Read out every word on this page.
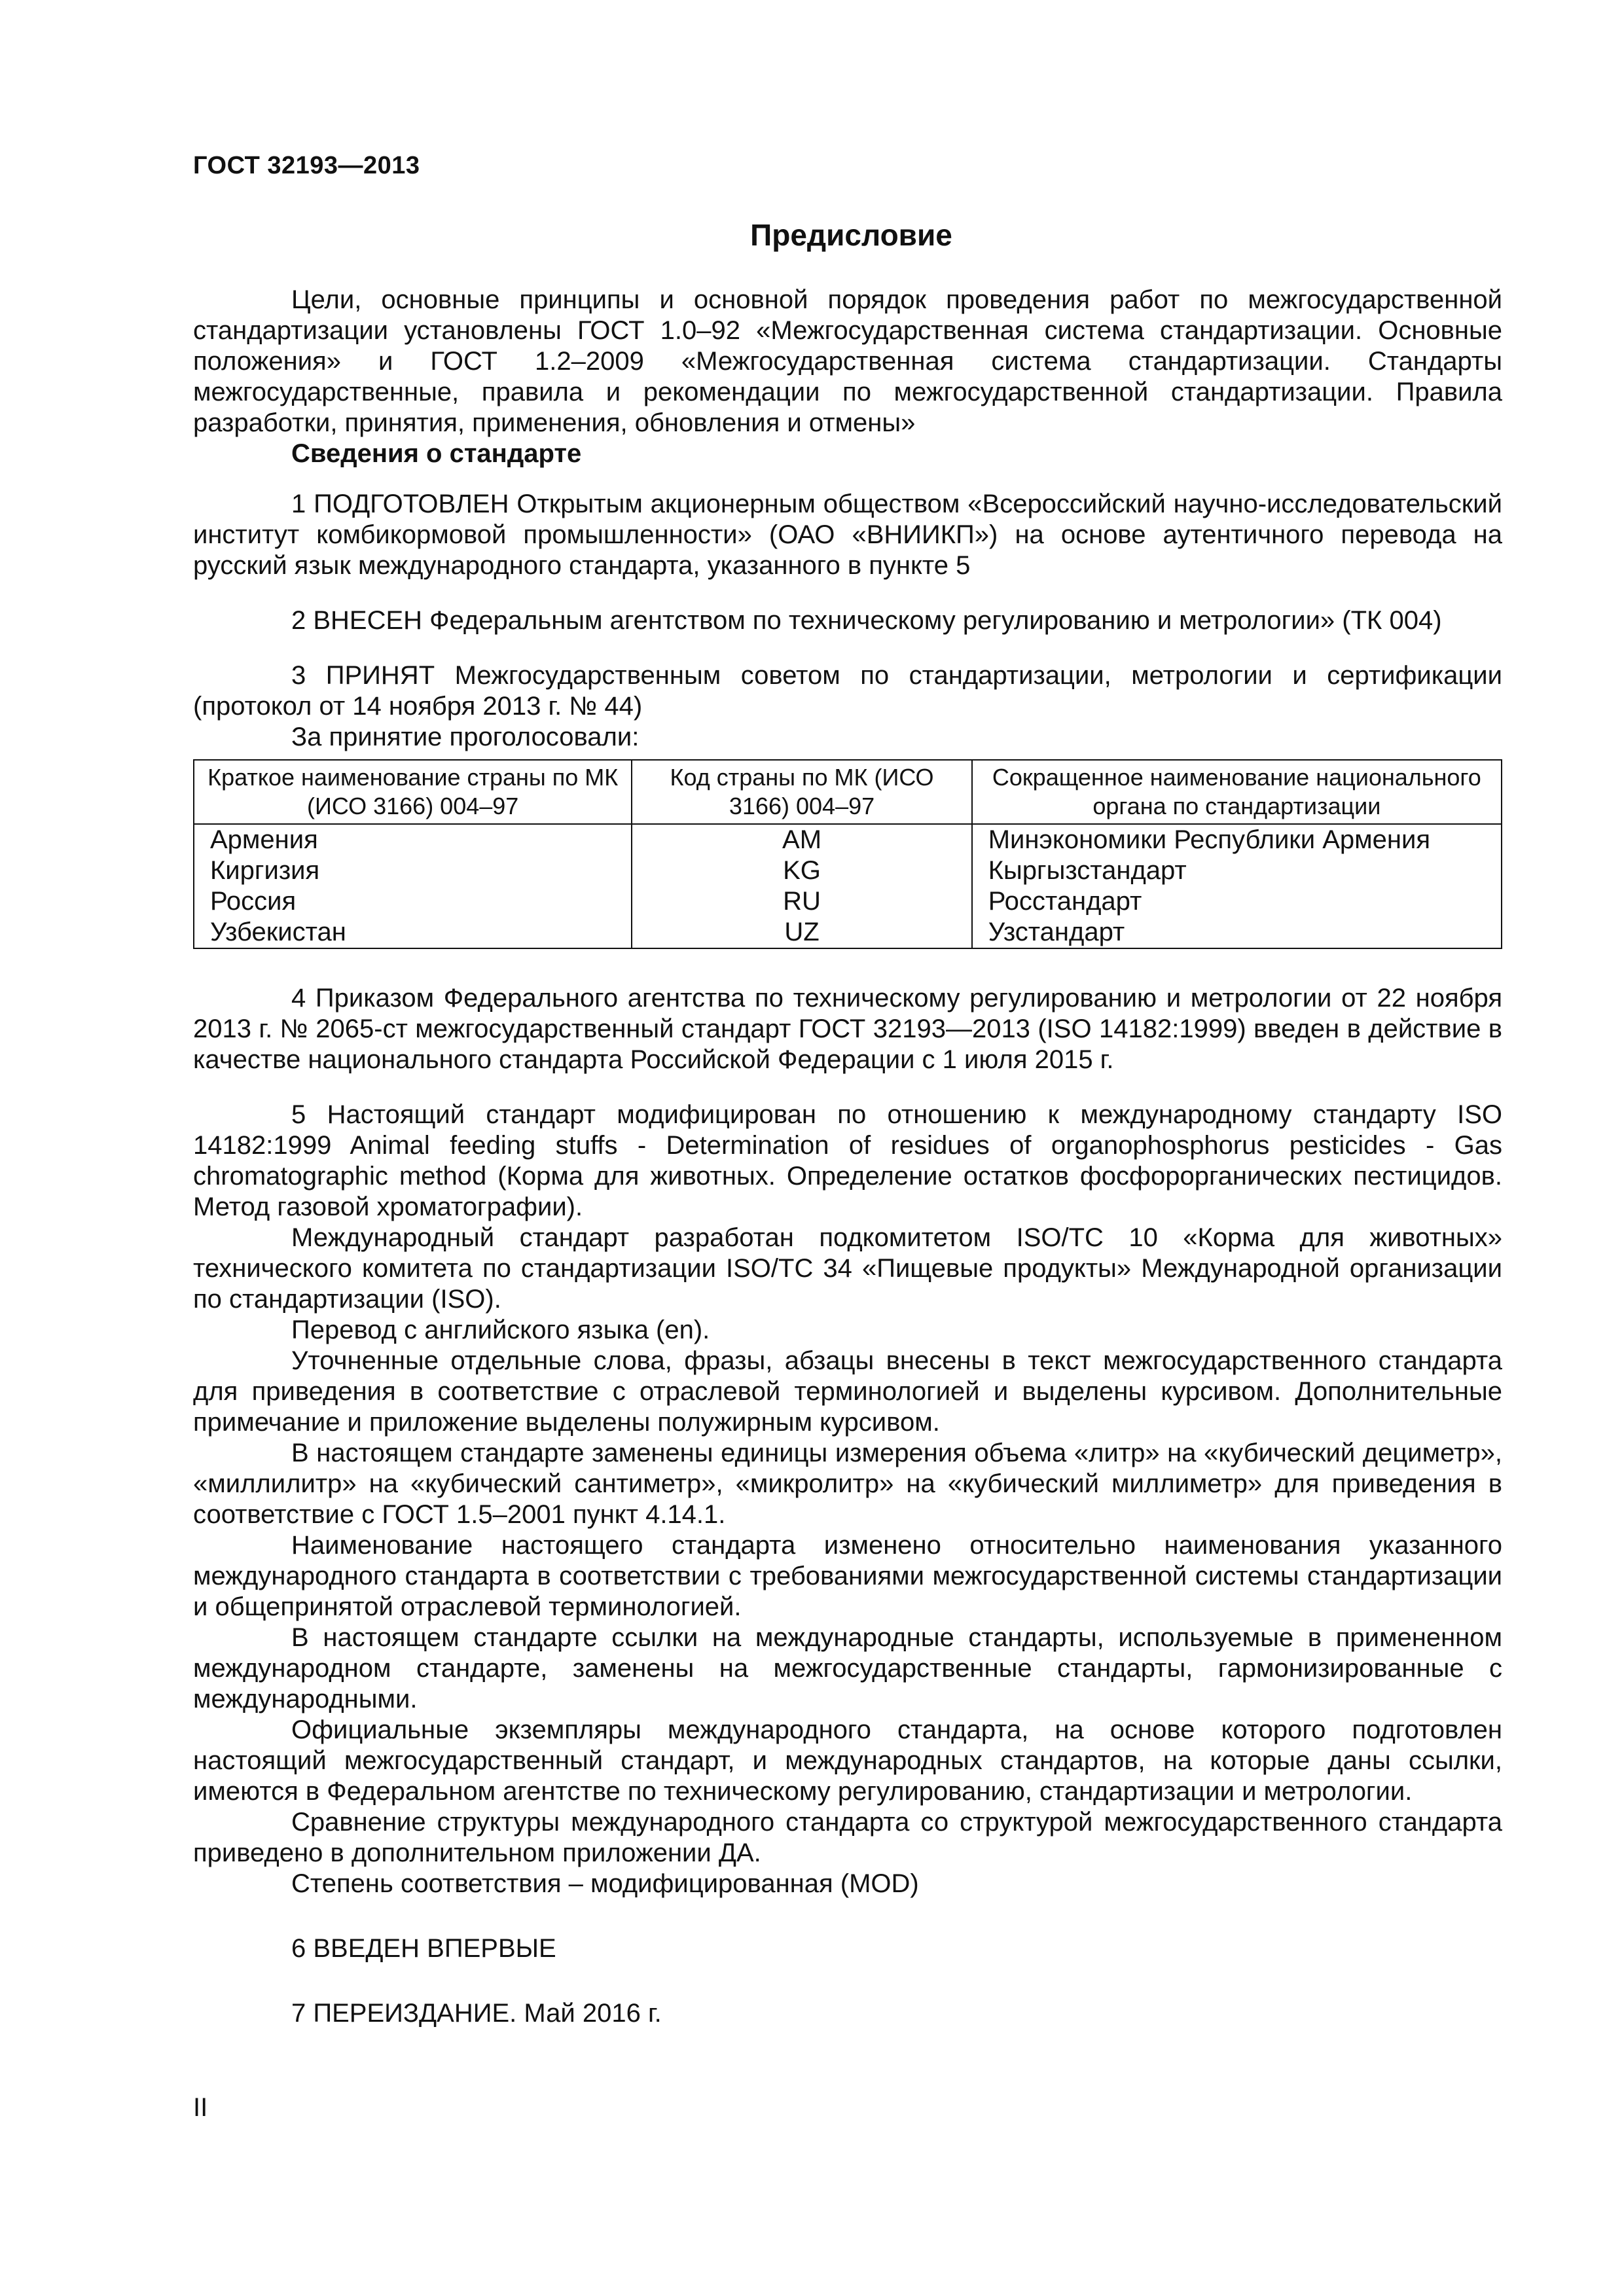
ГОСТ 32193—2013
Предисловие

Цели, основные принципы и основной порядок проведения работ по межгосударственной стандартизации установлены ГОСТ 1.0–92 «Межгосударственная система стандартизации. Основные положения» и ГОСТ 1.2–2009 «Межгосударственная система стандартизации. Стандарты межгосударственные, правила и рекомендации по межгосударственной стандартизации. Правила разработки, принятия, применения, обновления и отмены»

Сведения о стандарте

1 ПОДГОТОВЛЕН Открытым акционерным обществом «Всероссийский научно-исследовательский институт комбикормовой промышленности» (ОАО «ВНИИКП») на основе аутентичного перевода на русский язык международного стандарта, указанного в пункте 5

2 ВНЕСЕН Федеральным агентством по техническому регулированию и метрологии» (ТК 004)

3 ПРИНЯТ Межгосударственным советом по стандартизации, метрологии и сертификации (протокол от 14 ноября 2013 г. № 44)

За принятие проголосовали:

Краткое наименование страны по МК (ИСО 3166) 004–97	Код страны по МК (ИСО 3166) 004–97	Сокращенное наименование национального органа по стандартизации
Армения	AM	Минэкономики Республики Армения
Киргизия	KG	Кыргызстандарт
Россия	RU	Росстандарт
Узбекистан	UZ	Узстандарт

4 Приказом Федерального агентства по техническому регулированию и метрологии от 22 ноября 2013 г. № 2065-ст межгосударственный стандарт ГОСТ 32193—2013 (ISO 14182:1999) введен в действие в качестве национального стандарта Российской Федерации с 1 июля 2015 г.

5 Настоящий стандарт модифицирован по отношению к международному стандарту ISO 14182:1999 Animal feeding stuffs - Determination of residues of organophosphorus pesticides - Gas chromatographic method (Корма для животных. Определение остатков фосфорорганических пестицидов. Метод газовой хроматографии).

Международный стандарт разработан подкомитетом ISO/TC 10 «Корма для животных» технического комитета по стандартизации ISO/TC 34 «Пищевые продукты» Международной организации по стандартизации (ISO).

Перевод с английского языка (en).

Уточненные отдельные слова, фразы, абзацы внесены в текст межгосударственного стандарта для приведения в соответствие с отраслевой терминологией и выделены курсивом. Дополнительные примечание и приложение выделены полужирным курсивом.

В настоящем стандарте заменены единицы измерения объема «литр» на «кубический дециметр», «миллилитр» на «кубический сантиметр», «микролитр» на «кубический миллиметр» для приведения в соответствие с ГОСТ 1.5–2001 пункт 4.14.1.

Наименование настоящего стандарта изменено относительно наименования указанного международного стандарта в соответствии с требованиями межгосударственной системы стандартизации и общепринятой отраслевой терминологией.

В настоящем стандарте ссылки на международные стандарты, используемые в примененном международном стандарте, заменены на межгосударственные стандарты, гармонизированные с международными.

Официальные экземпляры международного стандарта, на основе которого подготовлен настоящий межгосударственный стандарт, и международных стандартов, на которые даны ссылки, имеются в Федеральном агентстве по техническому регулированию, стандартизации и метрологии.

Сравнение структуры международного стандарта со структурой межгосударственного стандарта приведено в дополнительном приложении ДА.

Степень соответствия – модифицированная (MOD)

6 ВВЕДЕН ВПЕРВЫЕ

7 ПЕРЕИЗДАНИЕ. Май 2016 г.

II
